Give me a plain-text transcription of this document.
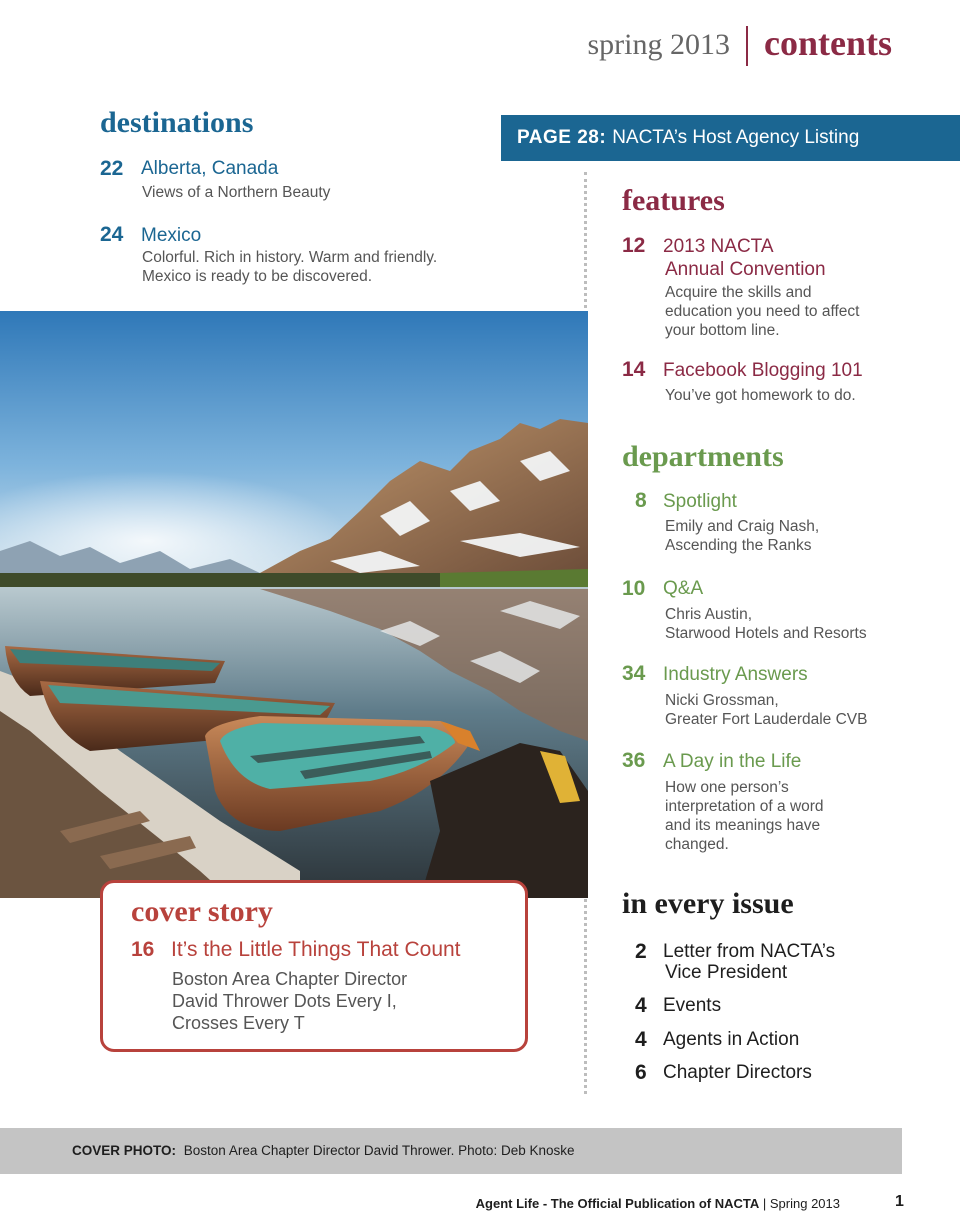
spring 2013 contents
destinations
22 Alberta, Canada
Views of a Northern Beauty
24 Mexico
Colorful. Rich in history. Warm and friendly.
Mexico is ready to be discovered.
PAGE 28: NACTA’s Host Agency Listing
features
12 2013 NACTA
Annual Convention
Acquire the skills and
education you need to affect
your bottom line.
14 Facebook Blogging 101
You’ve got homework to do.
departments
8 Spotlight
Emily and Craig Nash,
Ascending the Ranks
10 Q&A
Chris Austin,
Starwood Hotels and Resorts
34 Industry Answers
Nicki Grossman,
Greater Fort Lauderdale CVB
36 A Day in the Life
How one person’s
interpretation of a word
and its meanings have
changed.
in every issue
2 Letter from NACTA’s
Vice President
4 Events
4 Agents in Action
6 Chapter Directors
cover story
16 It’s the Little Things That Count
Boston Area Chapter Director
David Thrower Dots Every I,
Crosses Every T
COVER PHOTO: Boston Area Chapter Director David Thrower. Photo: Deb Knoske
Agent Life - The Official Publication of NACTA | Spring 2013	1
